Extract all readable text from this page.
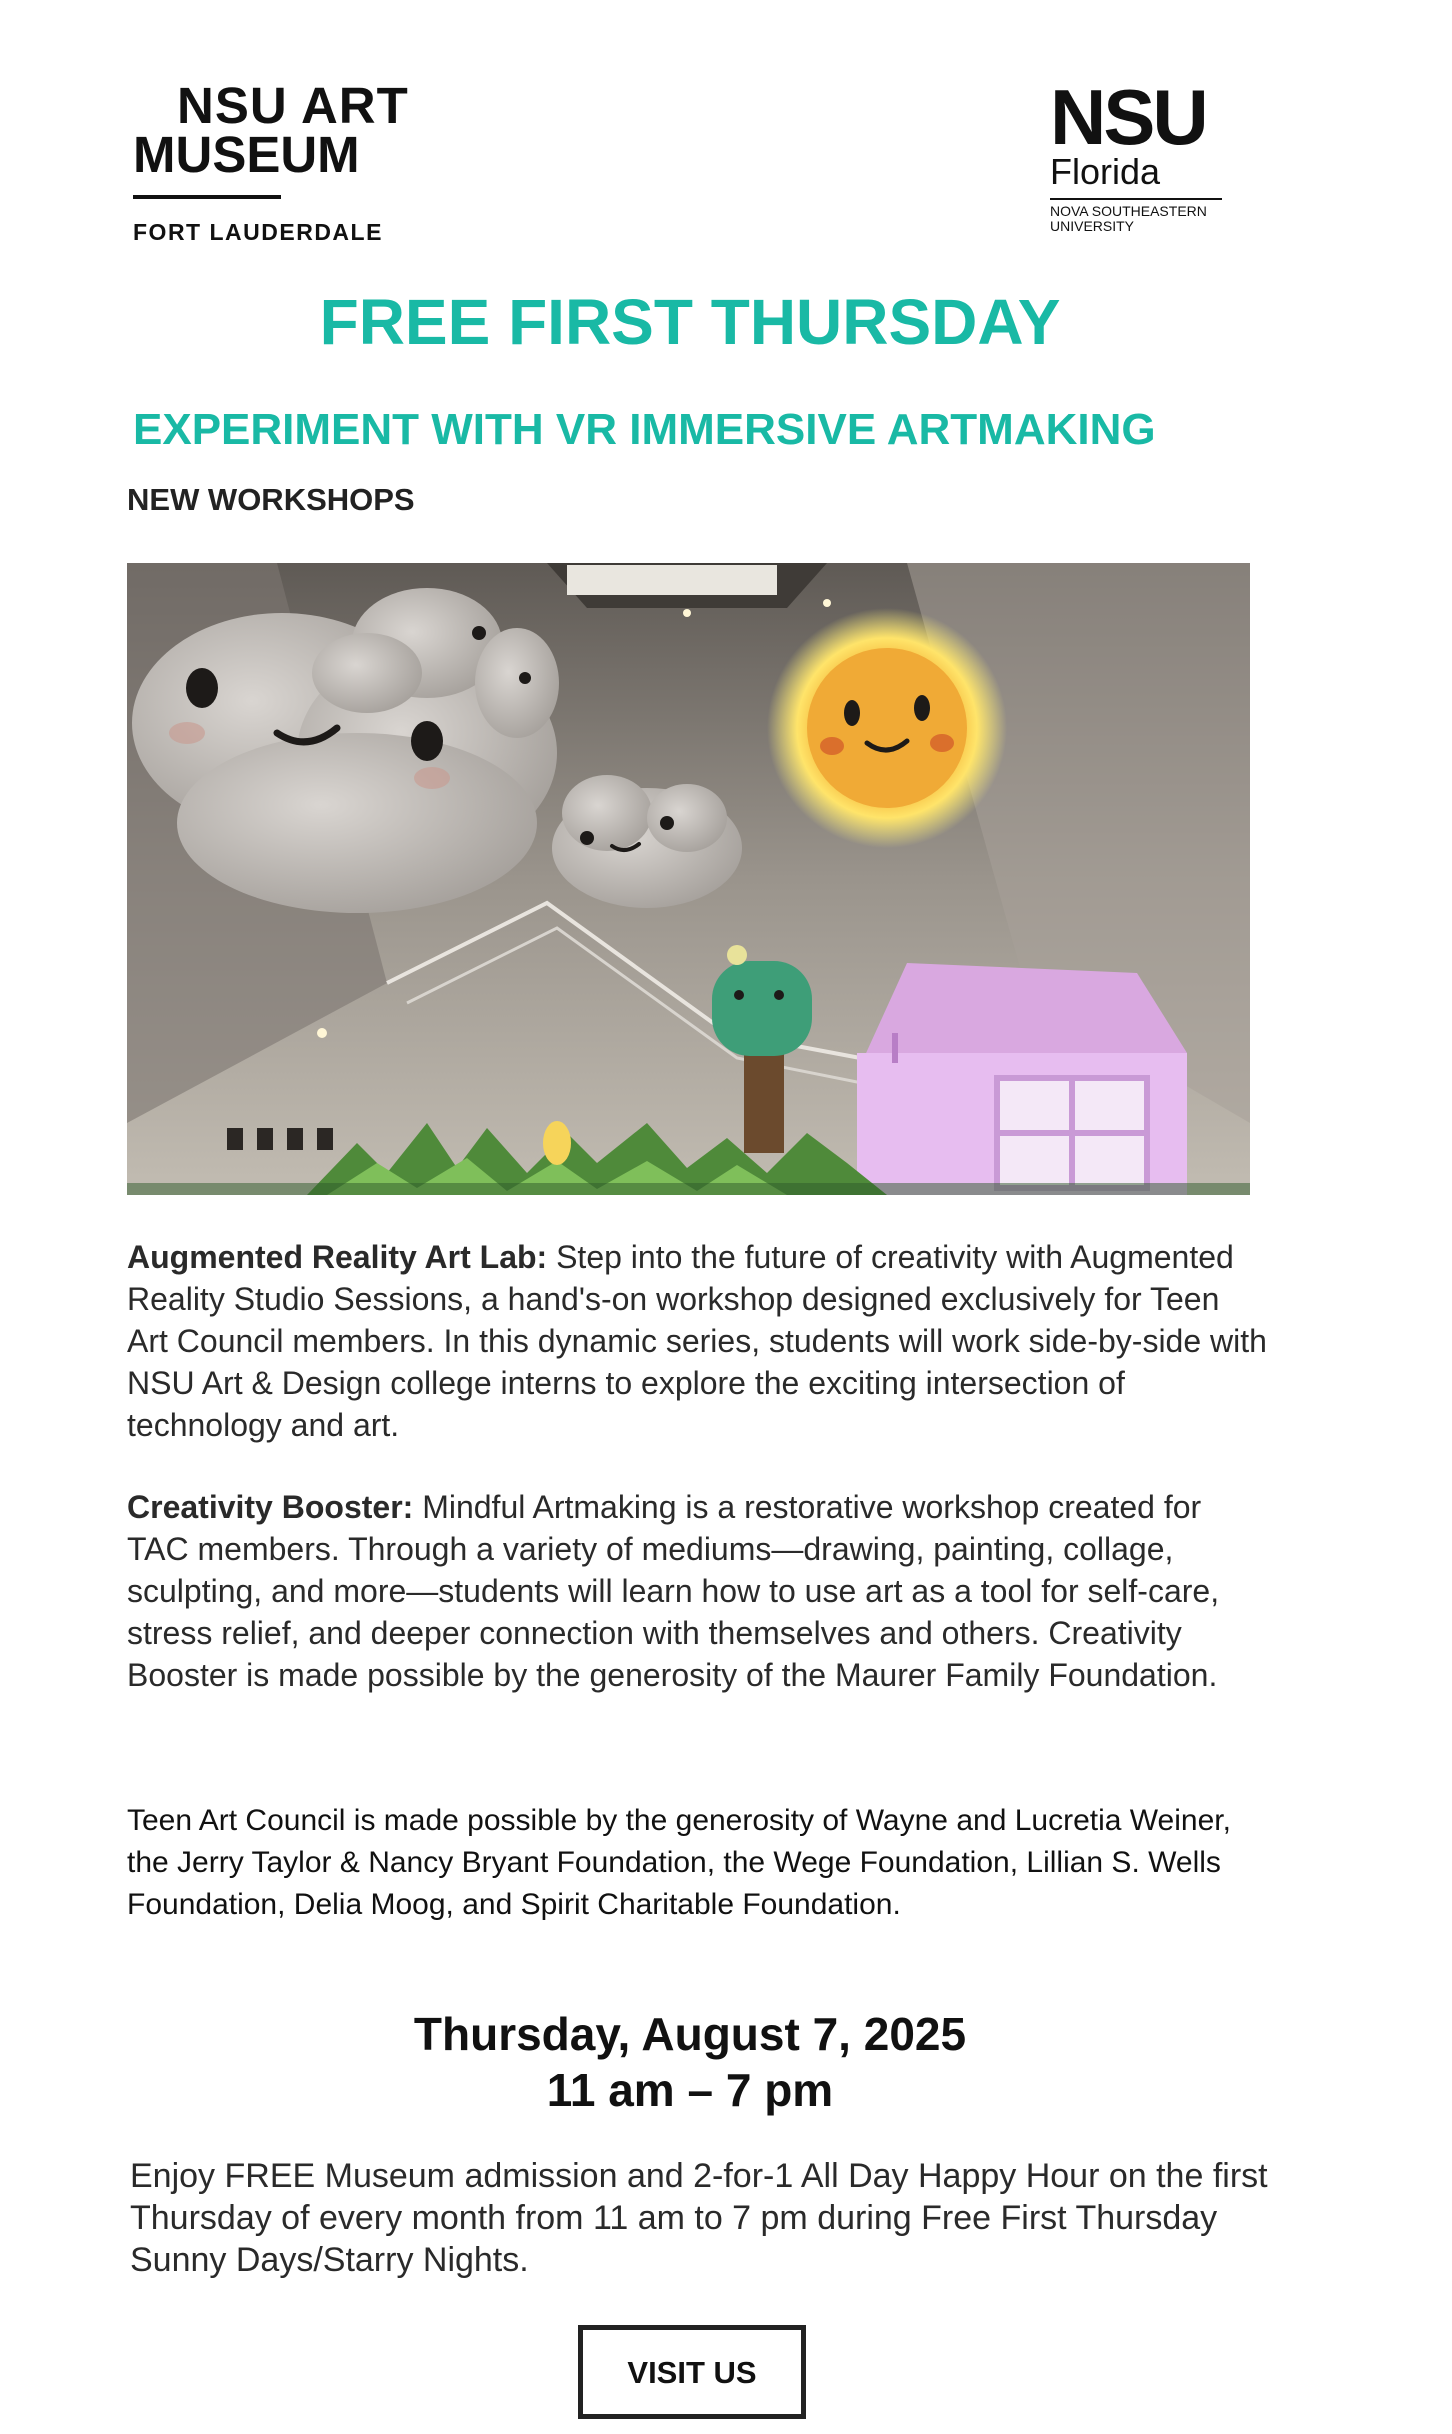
NSU ART
MUSEUM
FORT LAUDERDALE
NSU
Florida
NOVA SOUTHEASTERN
UNIVERSITY
FREE FIRST THURSDAY
EXPERIMENT WITH VR IMMERSIVE ARTMAKING
NEW WORKSHOPS
Augmented Reality Art Lab: Step into the future of creativity with Augmented Reality Studio Sessions, a hand's-on workshop designed exclusively for Teen Art Council members. In this dynamic series, students will work side-by-side with NSU Art & Design college interns to explore the exciting intersection of technology and art.
Creativity Booster: Mindful Artmaking is a restorative workshop created for TAC members. Through a variety of mediums—drawing, painting, collage, sculpting, and more—students will learn how to use art as a tool for self-care, stress relief, and deeper connection with themselves and others. Creativity Booster is made possible by the generosity of the Maurer Family Foundation.
Teen Art Council is made possible by the generosity of Wayne and Lucretia Weiner, the Jerry Taylor & Nancy Bryant Foundation, the Wege Foundation, Lillian S. Wells Foundation, Delia Moog, and Spirit Charitable Foundation.
Thursday, August 7, 2025
11 am – 7 pm
Enjoy FREE Museum admission and 2-for-1 All Day Happy Hour on the first Thursday of every month from 11 am to 7 pm during Free First Thursday Sunny Days/Starry Nights.
VISIT US
